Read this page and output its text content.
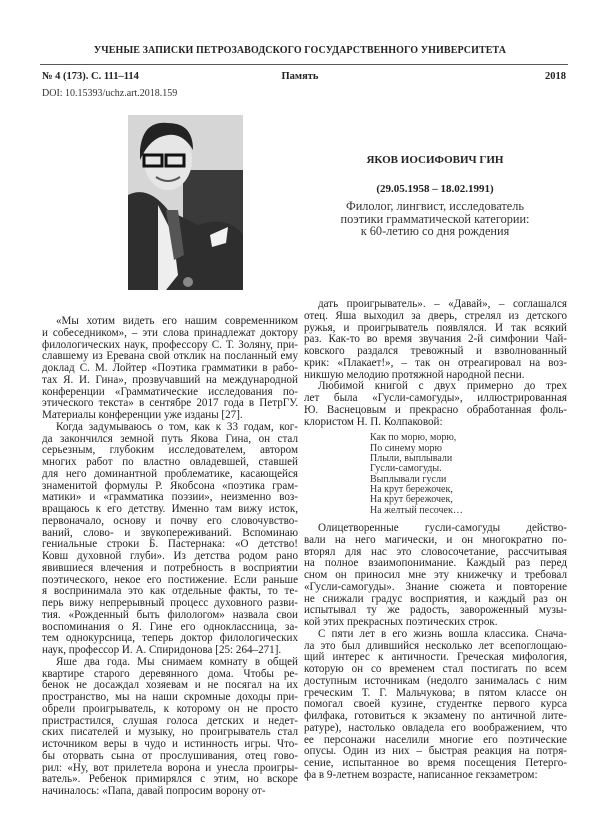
УЧЕНЫЕ ЗАПИСКИ ПЕТРОЗАВОДСКОГО ГОСУДАРСТВЕННОГО УНИВЕРСИТЕТА
№ 4 (173). С. 111–114	Память	2018
DOI: 10.15393/uchz.art.2018.159
ЯКОВ ИОСИФОВИЧ ГИН
(29.05.1958 – 18.02.1991)
Филолог, лингвист, исследователь
поэтики грамматической категории:
к 60-летию со дня рождения
«Мы хотим видеть его нашим современником
и собеседником», – эти слова принадлежат доктору
филологических наук, профессору С. Т. Золяну, при-
славшему из Еревана свой отклик на посланный ему
доклад С. М. Лойтер «Поэтика грамматики в рабо-
тах Я. И. Гина», прозвучавший на международной
конференции «Грамматические исследования по-
этического текста» в сентябре 2017 года в ПетрГУ.
Материалы конференции уже изданы [27].
Когда задумываюсь о том, как к 33 годам, ког-
да закончился земной путь Якова Гина, он стал
серьезным, глубоким исследователем, автором
многих работ по властно овладевшей, ставшей
для него доминантной проблематике, касающейся
знаменитой формулы Р. Якобсона «поэтика грам-
матики» и «грамматика поэзии», неизменно воз-
вращаюсь к его детству. Именно там вижу исток,
первоначало, основу и почву его словочувство-
ваний, слово- и звукопереживаний. Вспоминаю
гениальные строки Б. Пастернака: «О детство!
Ковш духовной глуби». Из детства родом рано
явившиеся влечения и потребность в восприятии
поэтического, некое его постижение. Если раньше
я воспринимала это как отдельные факты, то те-
перь вижу непрерывный процесс духовного разви-
тия. «Рожденный быть филологом» назвала свои
воспоминания о Я. Гине его одноклассница, за-
тем однокурсница, теперь доктор филологических
наук, профессор И. А. Спиридонова [25: 264–271].
Яше два года. Мы снимаем комнату в общей
квартире старого деревянного дома. Чтобы ре-
бенок не досаждал хозяевам и не посягал на их
пространство, мы на наши скромные доходы при-
обрели проигрыватель, к которому он не просто
пристрастился, слушая голоса детских и недет-
ских писателей и музыку, но проигрыватель стал
источником веры в чудо и истинность игры. Что-
бы оторвать сына от прослушивания, отец гово-
рил: «Ну, вот прилетела ворона и унесла проигры-
ватель». Ребенок примирялся с этим, но вскоре
начиналось: «Папа, давай попросим ворону от-
дать проигрыватель». – «Давай», – соглашался
отец. Яша выходил за дверь, стрелял из детского
ружья, и проигрыватель появлялся. И так всякий
раз. Как-то во время звучания 2-й симфонии Чай-
ковского раздался тревожный и взволнованный
крик: «Плакает!», – так он отреагировал на воз-
никшую мелодию протяжной народной песни.
Любимой книгой с двух примерно до трех
лет была «Гусли-самогуды», иллюстрированная
Ю. Васнецовым и прекрасно обработанная фоль-
клористом Н. П. Колпаковой:
Как по морю, морю,
По синему морю
Плыли, выплывали
Гусли-самогуды.
Выплывали гусли
На крут бережочек,
На крут бережочек,
На желтый песочек…
Олицетворенные гусли-самогуды действо-
вали на него магически, и он многократно по-
вторял для нас это словосочетание, рассчитывая
на полное взаимопонимание. Каждый раз перед
сном он приносил мне эту книжечку и требовал
«Гусли-самогуды». Знание сюжета и повторение
не снижали градус восприятия, и каждый раз он
испытывал ту же радость, завороженный музы-
кой этих прекрасных поэтических строк.
С пяти лет в его жизнь вошла классика. Снача-
ла это был длившийся несколько лет всепоглощаю-
щий интерес к античности. Греческая мифология,
которую он со временем стал постигать по всем
доступным источникам (недолго занималась с ним
греческим Т. Г. Мальчукова; в пятом классе он
помогал своей кузине, студентке первого курса
филфака, готовиться к экзамену по античной лите-
ратуре), настолько овладела его воображением, что
ее персонажи населили многие его поэтические
опусы. Один из них – быстрая реакция на потря-
сение, испытанное во время посещения Петерго-
фа в 9-летнем возрасте, написанное гекзаметром:
